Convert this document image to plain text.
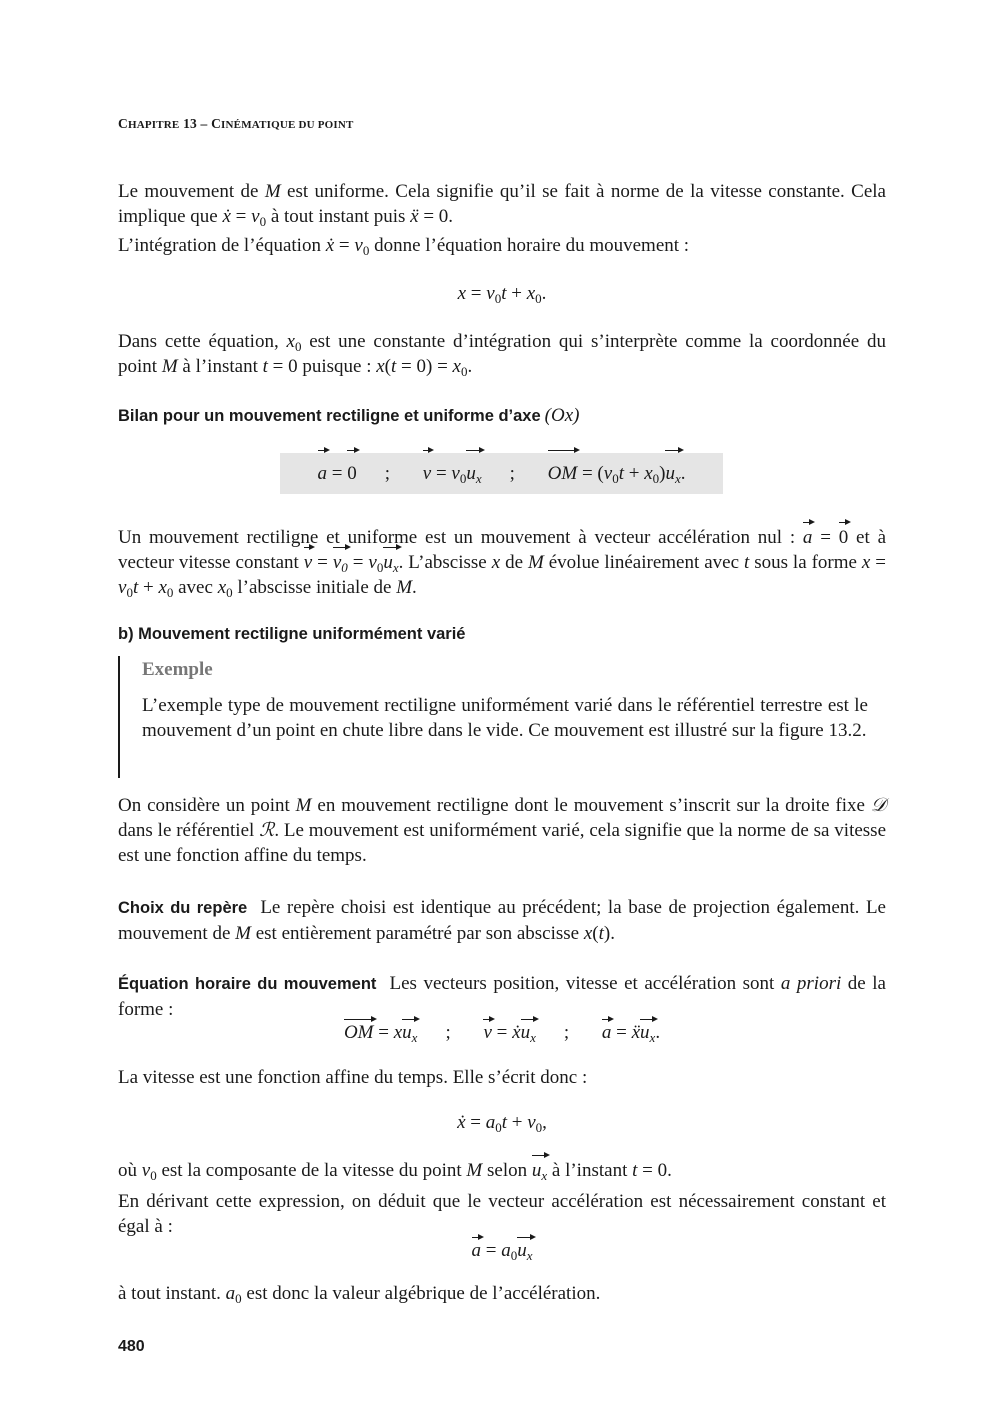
CHAPITRE 13 – CINÉMATIQUE DU POINT

Le mouvement de M est uniforme. Cela signifie qu’il se fait à norme de la vitesse constante. Cela implique que ẋ = $v_0$ à tout instant puis ẍ = 0.

L’intégration de l’équation ẋ = $v_0$ donne l’équation horaire du mouvement :

$x = v_0t + x_0$.

Dans cette équation, $x_0$ est une constante d’intégration qui s’interprète comme la coordonnée du point M à l’instant t = 0 puisque : $x(t = 0) = x_0$.

Bilan pour un mouvement rectiligne et uniforme d’axe (Ox)
a = 0 ; $v = v_0u_x$ ; OM = $(v_0t + x_0)u_x$.

Un mouvement rectiligne et uniforme est un mouvement à vecteur accélération nul : a = 0 et à vecteur vitesse constant $v = v_0 = v_0u_x$. L’abscisse x de M évolue linéairement avec t sous la forme $x = v_0t + x_0$ avec $x_0$ l’abscisse initiale de M.

b) Mouvement rectiligne uniformément varié
Exemple

L’exemple type de mouvement rectiligne uniformément varié dans le référentiel terrestre est le mouvement d’un point en chute libre dans le vide. Ce mouvement est illustré sur la figure 13.2.

On considère un point M en mouvement rectiligne dont le mouvement s’inscrit sur la droite fixe 𝒟 dans le référentiel ℛ. Le mouvement est uniformément varié, cela signifie que la norme de sa vitesse est une fonction affine du temps.

Choix du repère Le repère choisi est identique au précédent; la base de projection également. Le mouvement de M est entièrement paramétré par son abscisse x(t).

Équation horaire du mouvement Les vecteurs position, vitesse et accélération sont a priori de la forme :

OM = $xu_x$ ; v = ẋu$_x$ ; a = ẍu$_x$.

La vitesse est une fonction affine du temps. Elle s’écrit donc :

ẋ = $a_0t + v_0$,

où $v_0$ est la composante de la vitesse du point M selon $u_x$ à l’instant t = 0.

En dérivant cette expression, on déduit que le vecteur accélération est nécessairement constant et égal à :

$a = a_0u_x$

à tout instant. $a_0$ est donc la valeur algébrique de l’accélération.

480
